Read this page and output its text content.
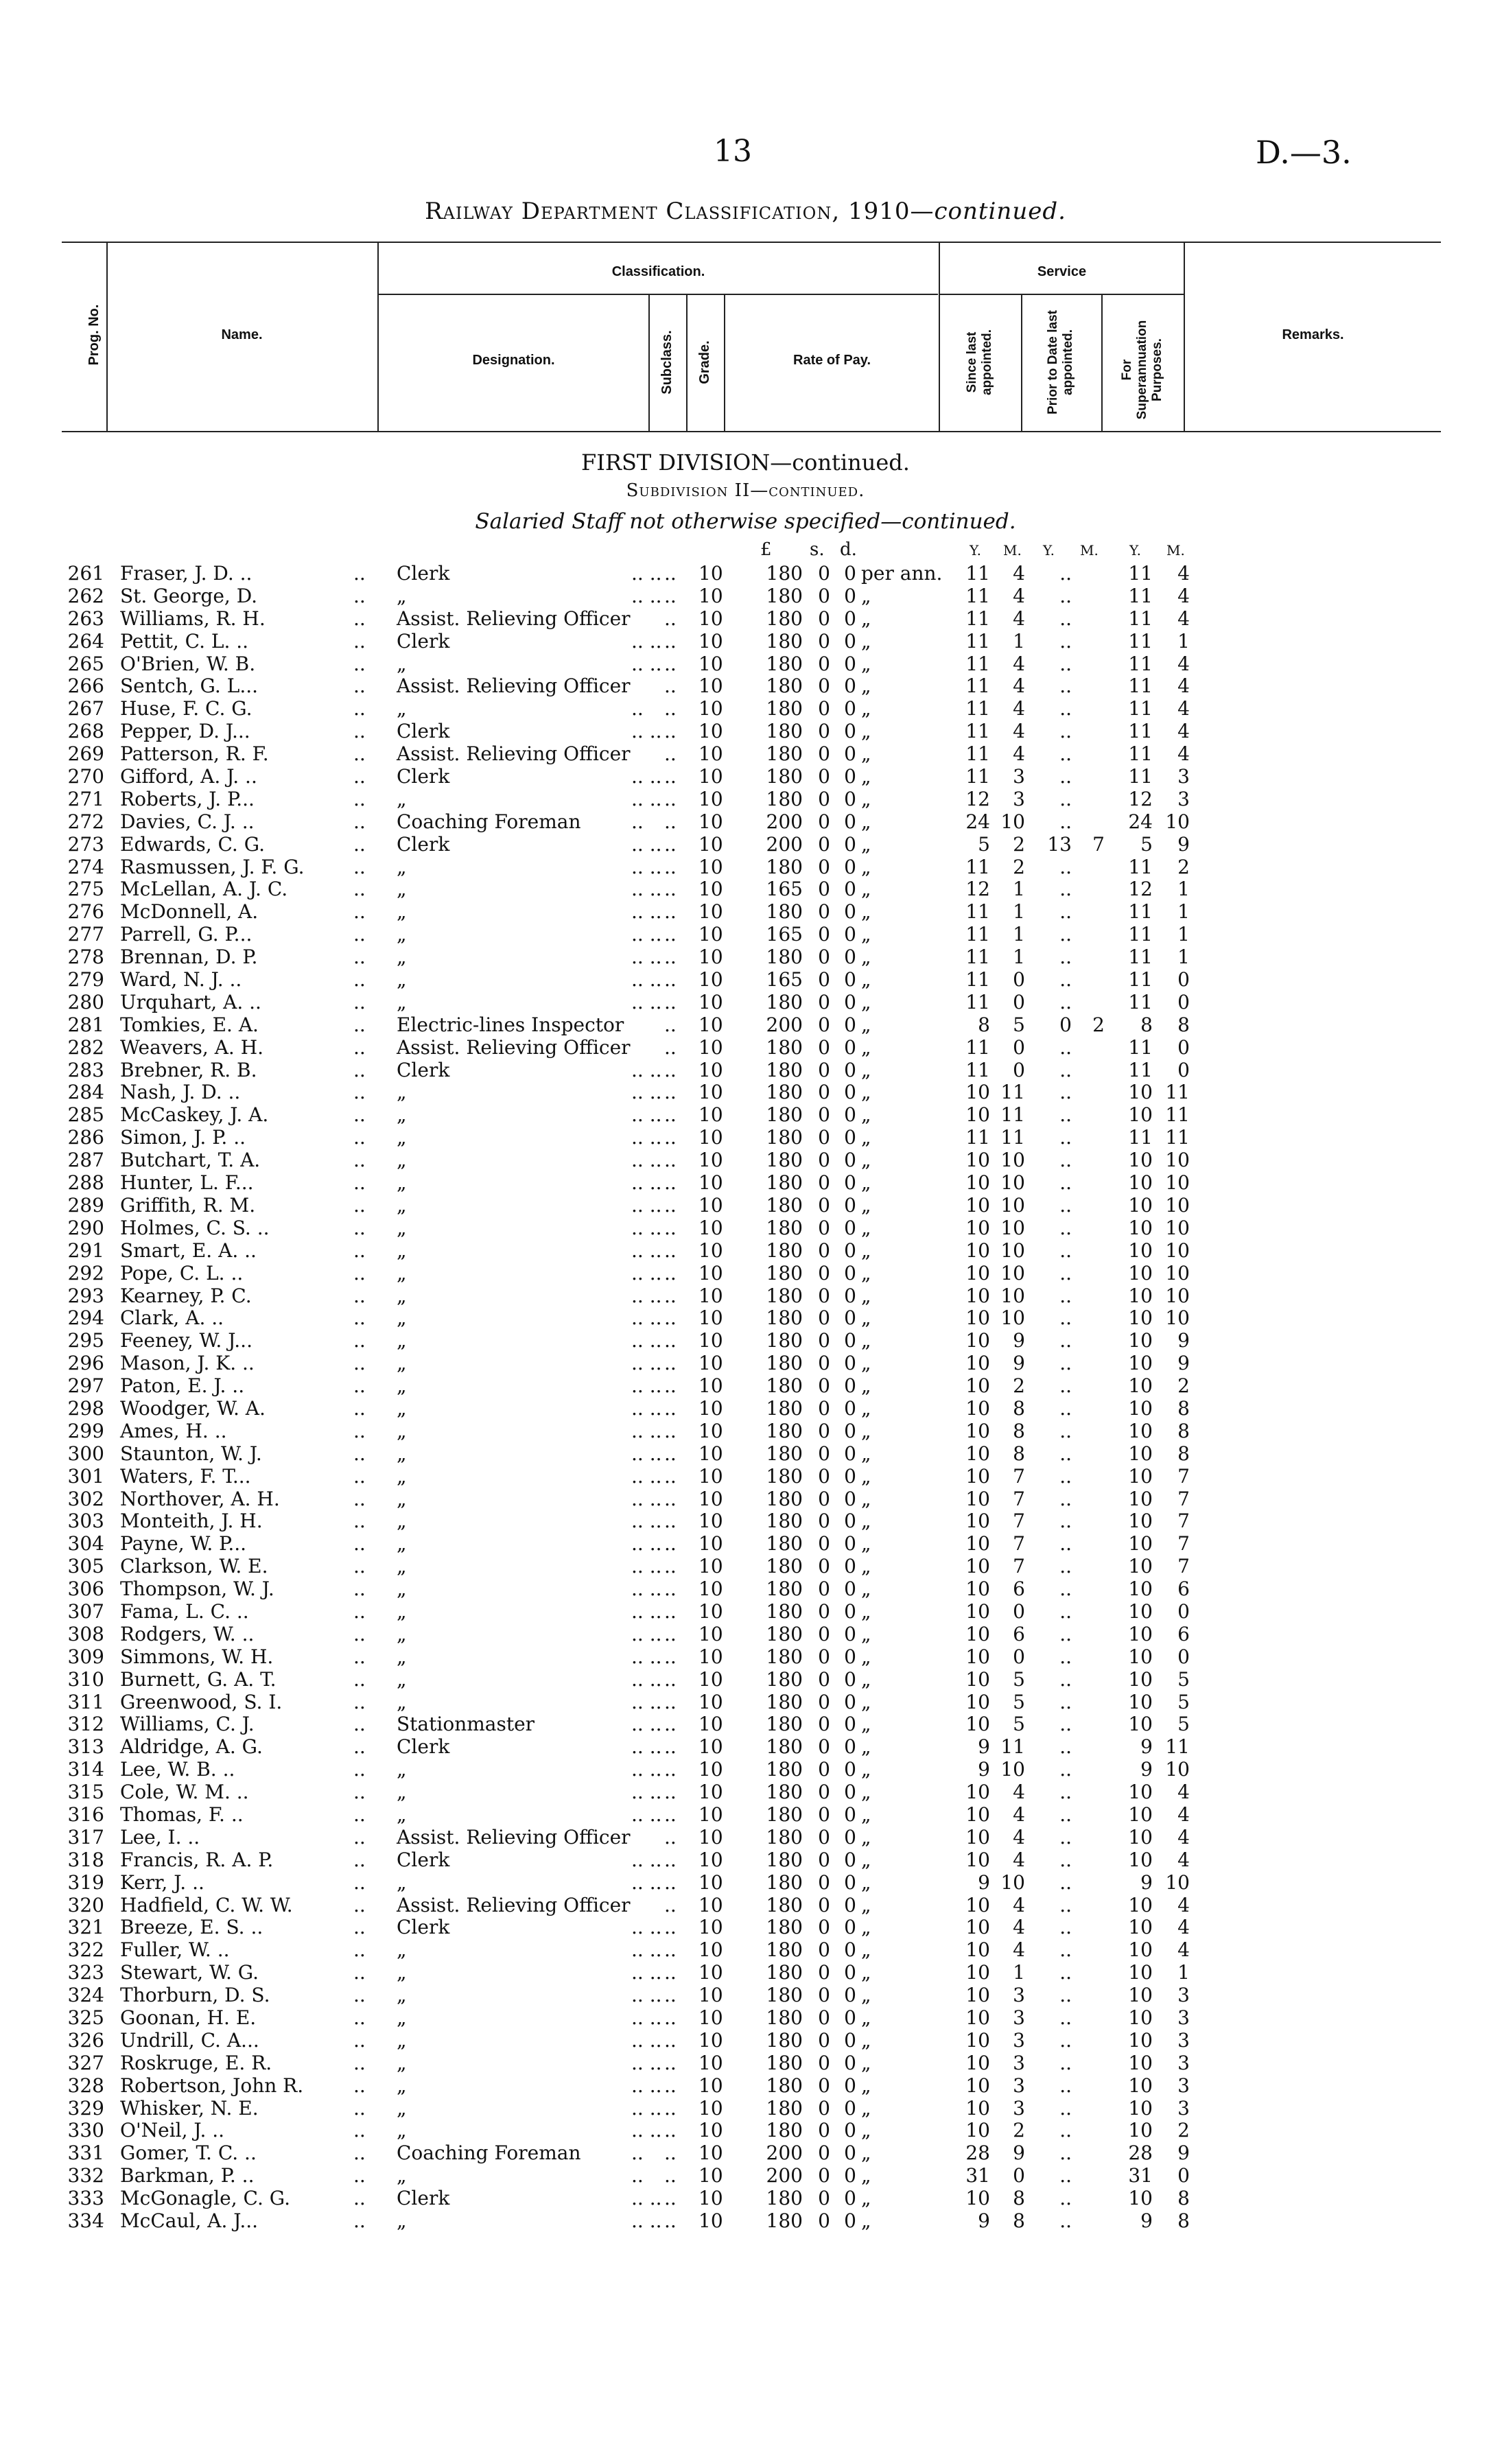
13	D.—3.
Railway Department Classification, 1910—continued.
Prog. No.	Name.
Classification.
Designation.	Subclass. Grade.	Rate of Pay.
Service
Since last appointed.	Prior to Date last appointed.	For Superannuation Purposes.
Remarks.
FIRST DIVISION—continued.
Subdivision II—continued.
Salaried Staff not otherwise specified—continued.
£ s. d.	Y. M. Y. M. Y. M.
261 Fraser, J. D. ..	.. Clerk	.. .. .. 10	180 0 0 per ann.	11	4	..	11	4
262 St. George, D.	.. „	.. .. .. 10	180 0 0 „	11	4	..	11	4
263 Williams, R. H.	.. Assist. Relieving Officer .. 10	180 0 0 „	11	4	..	11	4
264 Pettit, C. L. ..	.. Clerk	.. .. .. 10	180 0 0 „	11	1	..	11	1
265 O'Brien, W. B.	.. „	.. .. .. 10	180 0 0 „	11	4	..	11	4
266 Sentch, G. L...	.. Assist. Relieving Officer .. 10	180 0 0 „	11	4	..	11	4
267 Huse, F. C. G.	.. „	.. .. 10	180 0 0 „	11	4	..	11	4
268 Pepper, D. J...	.. Clerk	.. .. .. 10	180 0 0 „	11	4	..	11	4
269 Patterson, R. F.	.. Assist. Relieving Officer .. 10	180 0 0 „	11	4	..	11	4
270 Gifford, A. J. ..	.. Clerk	.. .. .. 10	180 0 0 „	11	3	..	11	3
271 Roberts, J. P...	.. „	.. .. .. 10	180 0 0 „	12	3	..	12	3
272 Davies, C. J. ..	.. Coaching Foreman	.. .. 10	200 0 0 „	24 10	..	24 10
273 Edwards, C. G.	.. Clerk	.. .. .. 10	200 0 0 „	5	2	13	7	5	9
274 Rasmussen, J. F. G.	.. „	.. .. .. 10	180 0 0 „	11	2	..	11	2
275 McLellan, A. J. C.	.. „	.. .. .. 10	165 0 0 „	12	1	..	12	1
276 McDonnell, A.	.. „	.. .. .. 10	180 0 0 „	11	1	..	11	1
277 Parrell, G. P...	.. „	.. .. .. 10	165 0 0 „	11	1	..	11	1
278 Brennan, D. P.	.. „	.. .. .. 10	180 0 0 „	11	1	..	11	1
279 Ward, N. J. ..	.. „	.. .. .. 10	165 0 0 „	11	0	..	11	0
280 Urquhart, A. ..	.. „	.. .. .. 10	180 0 0 „	11	0	..	11	0
281 Tomkies, E. A.	.. Electric-lines Inspector .. 10	200 0 0 „	8	5	0	2	8	8
282 Weavers, A. H.	.. Assist. Relieving Officer .. 10	180 0 0 „	11	0	..	11	0
283 Brebner, R. B.	.. Clerk	.. .. .. 10	180 0 0 „	11	0	..	11	0
284 Nash, J. D. ..	.. „	.. .. .. 10	180 0 0 „	10 11	..	10 11
285 McCaskey, J. A.	.. „	.. .. .. 10	180 0 0 „	10 11	..	10 11
286 Simon, J. P. ..	.. „	.. .. .. 10	180 0 0 „	11 11	..	11 11
287 Butchart, T. A.	.. „	.. .. .. 10	180 0 0 „	10 10	..	10 10
288 Hunter, L. F...	.. „	.. .. .. 10	180 0 0 „	10 10	..	10 10
289 Griffith, R. M.	.. „	.. .. .. 10	180 0 0 „	10 10	..	10 10
290 Holmes, C. S. ..	.. „	.. .. .. 10	180 0 0 „	10 10	..	10 10
291 Smart, E. A. ..	.. „	.. .. .. 10	180 0 0 „	10 10	..	10 10
292 Pope, C. L. ..	.. „	.. .. .. 10	180 0 0 „	10 10	..	10 10
293 Kearney, P. C.	.. „	.. .. .. 10	180 0 0 „	10 10	..	10 10
294 Clark, A. ..	.. „	.. .. .. 10	180 0 0 „	10 10	..	10 10
295 Feeney, W. J...	.. „	.. .. .. 10	180 0 0 „	10	9	..	10	9
296 Mason, J. K. ..	.. „	.. .. .. 10	180 0 0 „	10	9	..	10	9
297 Paton, E. J. ..	.. „	.. .. .. 10	180 0 0 „	10	2	..	10	2
298 Woodger, W. A.	.. „	.. .. .. 10	180 0 0 „	10	8	..	10	8
299 Ames, H. ..	.. „	.. .. .. 10	180 0 0 „	10	8	..	10	8
300 Staunton, W. J.	.. „	.. .. .. 10	180 0 0 „	10	8	..	10	8
301 Waters, F. T...	.. „	.. .. .. 10	180 0 0 „	10	7	..	10	7
302 Northover, A. H.	.. „	.. .. .. 10	180 0 0 „	10	7	..	10	7
303 Monteith, J. H.	.. „	.. .. .. 10	180 0 0 „	10	7	..	10	7
304 Payne, W. P...	.. „	.. .. .. 10	180 0 0 „	10	7	..	10	7
305 Clarkson, W. E.	.. „	.. .. .. 10	180 0 0 „	10	7	..	10	7
306 Thompson, W. J.	.. „	.. .. .. 10	180 0 0 „	10	6	..	10	6
307 Fama, L. C. ..	.. „	.. .. .. 10	180 0 0 „	10	0	..	10	0
308 Rodgers, W. ..	.. „	.. .. .. 10	180 0 0 „	10	6	..	10	6
309 Simmons, W. H.	.. „	.. .. .. 10	180 0 0 „	10	0	..	10	0
310 Burnett, G. A. T.	.. „	.. .. .. 10	180 0 0 „	10	5	..	10	5
311 Greenwood, S. I.	.. „	.. .. .. 10	180 0 0 „	10	5	..	10	5
312 Williams, C. J.	.. Stationmaster	.. .. .. 10	180 0 0 „	10	5	..	10	5
313 Aldridge, A. G.	.. Clerk	.. .. .. 10	180 0 0 „	9 11	..	9 11
314 Lee, W. B. ..	.. „	.. .. .. 10	180 0 0 „	9 10	..	9 10
315 Cole, W. M. ..	.. „	.. .. .. 10	180 0 0 „	10	4	..	10	4
316 Thomas, F. ..	.. „	.. .. .. 10	180 0 0 „	10	4	..	10	4
317 Lee, I. ..	.. Assist. Relieving Officer .. 10	180 0 0 „	10	4	..	10	4
318 Francis, R. A. P.	.. Clerk	.. .. .. 10	180 0 0 „	10	4	..	10	4
319 Kerr, J. ..	.. „	.. .. .. 10	180 0 0 „	9 10	..	9 10
320 Hadfield, C. W. W.	.. Assist. Relieving Officer .. 10	180 0 0 „	10	4	..	10	4
321 Breeze, E. S. ..	.. Clerk	.. .. .. 10	180 0 0 „	10	4	..	10	4
322 Fuller, W. ..	.. „	.. .. .. 10	180 0 0 „	10	4	..	10	4
323 Stewart, W. G.	.. „	.. .. .. 10	180 0 0 „	10	1	..	10	1
324 Thorburn, D. S.	.. „	.. .. .. 10	180 0 0 „	10	3	..	10	3
325 Goonan, H. E.	.. „	.. .. .. 10	180 0 0 „	10	3	..	10	3
326 Undrill, C. A...	.. „	.. .. .. 10	180 0 0 „	10	3	..	10	3
327 Roskruge, E. R.	.. „	.. .. .. 10	180 0 0 „	10	3	..	10	3
328 Robertson, John R.	.. „	.. .. .. 10	180 0 0 „	10	3	..	10	3
329 Whisker, N. E.	.. „	.. .. .. 10	180 0 0 „	10	3	..	10	3
330 O'Neil, J. ..	.. „	.. .. .. 10	180 0 0 „	10	2	..	10	2
331 Gomer, T. C. ..	.. Coaching Foreman	.. .. 10	200 0 0 „	28	9	..	28	9
332 Barkman, P. ..	.. „	.. .. 10	200 0 0 „	31	0	..	31	0
333 McGonagle, C. G.	.. Clerk	.. .. .. 10	180 0 0 „	10	8	..	10	8
334 McCaul, A. J...	.. „	.. .. .. 10	180 0 0 „	9	8	..	9	8
